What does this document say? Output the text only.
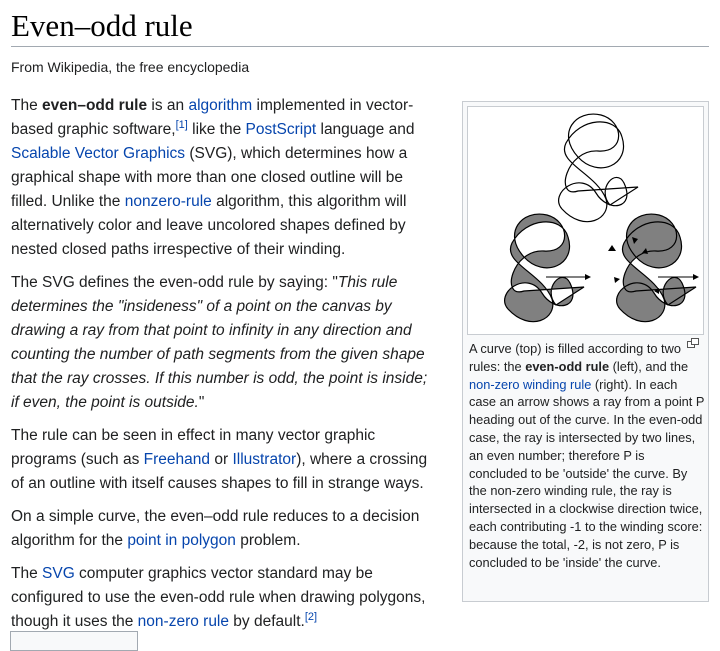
Even–odd rule
From Wikipedia, the free encyclopedia

The even–odd rule is an algorithm implemented in vector-based graphic software,[1] like the PostScript language and Scalable Vector Graphics (SVG), which determines how a graphical shape with more than one closed outline will be filled. Unlike the nonzero-rule algorithm, this algorithm will alternatively color and leave uncolored shapes defined by nested closed paths irrespective of their winding.

The SVG defines the even-odd rule by saying: "This rule determines the "insideness" of a point on the canvas by drawing a ray from that point to infinity in any direction and counting the number of path segments from the given shape that the ray crosses. If this number is odd, the point is inside; if even, the point is outside."

The rule can be seen in effect in many vector graphic programs (such as Freehand or Illustrator), where a crossing of an outline with itself causes shapes to fill in strange ways.

On a simple curve, the even–odd rule reduces to a decision algorithm for the point in polygon problem.

The SVG computer graphics vector standard may be configured to use the even-odd rule when drawing polygons, though it uses the non-zero rule by default.[2]

A curve (top) is filled according to two rules: the even-odd rule (left), and the non-zero winding rule (right). In each case an arrow shows a ray from a point P heading out of the curve. In the even-odd case, the ray is intersected by two lines, an even number; therefore P is concluded to be 'outside' the curve. By the non-zero winding rule, the ray is intersected in a clockwise direction twice, each contributing -1 to the winding score: because the total, -2, is not zero, P is concluded to be 'inside' the curve.
